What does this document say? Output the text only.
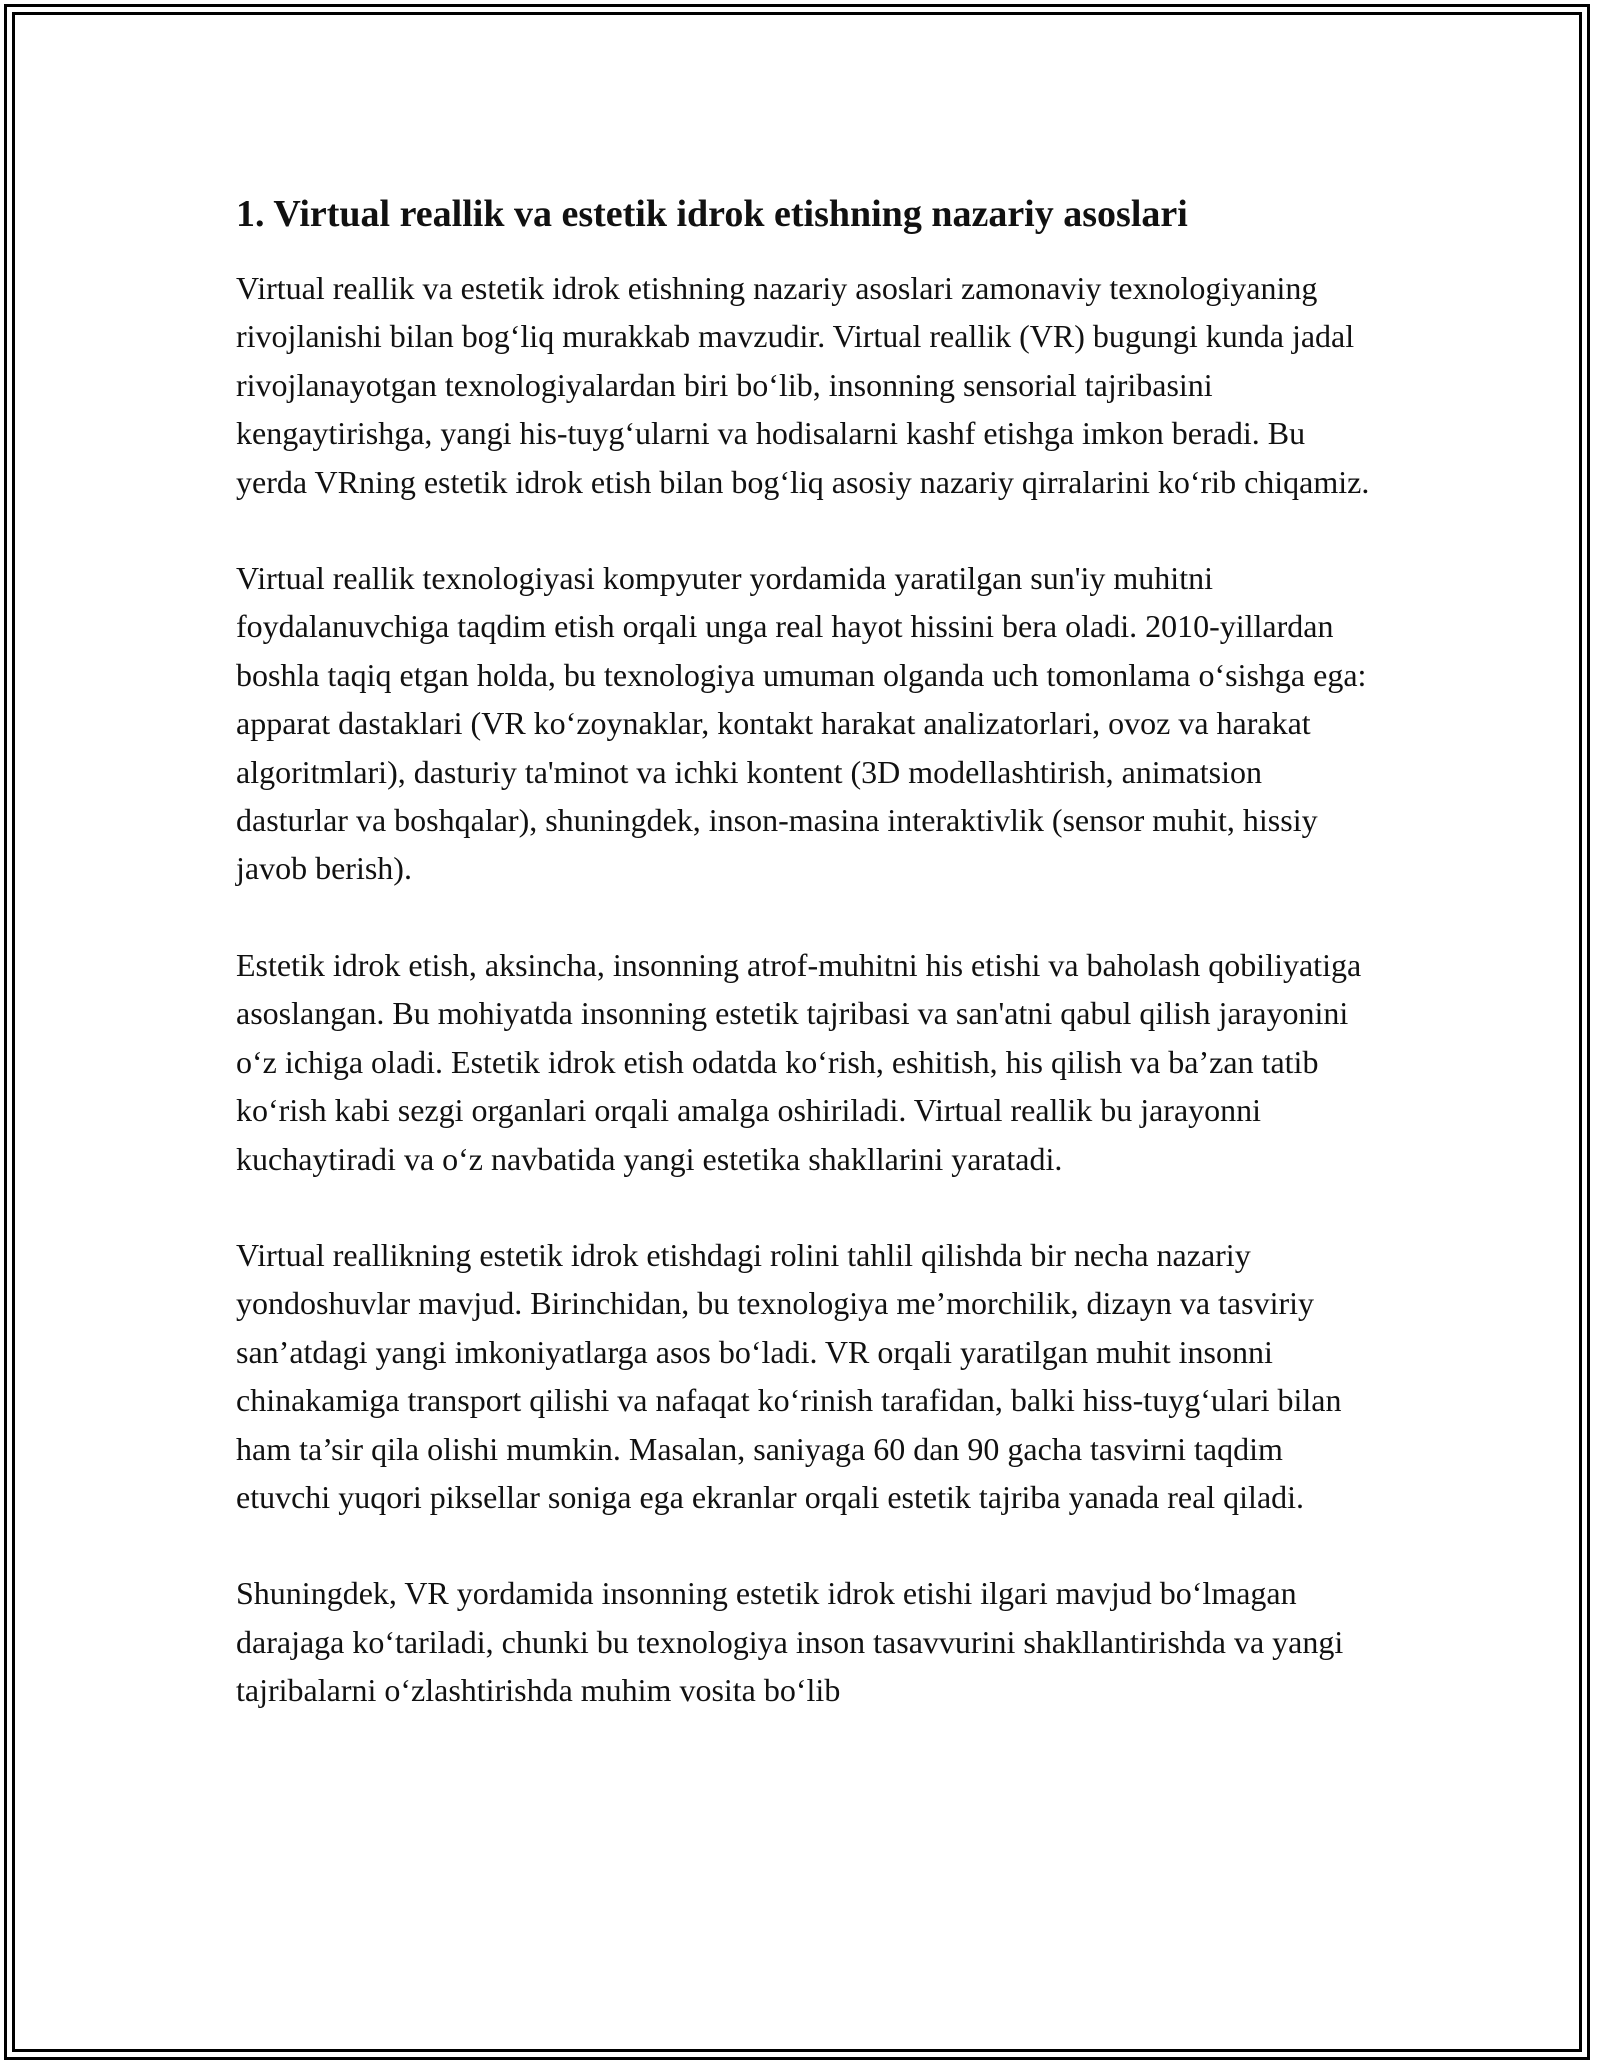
1. Virtual reallik va estetik idrok etishning nazariy asoslari

Virtual reallik va estetik idrok etishning nazariy asoslari zamonaviy texnologiyaning rivojlanishi bilan bog‘liq murakkab mavzudir. Virtual reallik (VR) bugungi kunda jadal rivojlanayotgan texnologiyalardan biri bo‘lib, insonning sensorial tajribasini kengaytirishga, yangi his-tuyg‘ularni va hodisalarni kashf etishga imkon beradi. Bu yerda VRning estetik idrok etish bilan bog‘liq asosiy nazariy qirralarini ko‘rib chiqamiz.

Virtual reallik texnologiyasi kompyuter yordamida yaratilgan sun'iy muhitni foydalanuvchiga taqdim etish orqali unga real hayot hissini bera oladi. 2010-yillardan boshla taqiq etgan holda, bu texnologiya umuman olganda uch tomonlama o‘sishga ega: apparat dastaklari (VR ko‘zoynaklar, kontakt harakat analizatorlari, ovoz va harakat algoritmlari), dasturiy ta'minot va ichki kontent (3D modellashtirish, animatsion dasturlar va boshqalar), shuningdek, inson-masina interaktivlik (sensor muhit, hissiy javob berish).

Estetik idrok etish, aksincha, insonning atrof-muhitni his etishi va baholash qobiliyatiga asoslangan. Bu mohiyatda insonning estetik tajribasi va san'atni qabul qilish jarayonini o‘z ichiga oladi. Estetik idrok etish odatda ko‘rish, eshitish, his qilish va ba’zan tatib ko‘rish kabi sezgi organlari orqali amalga oshiriladi. Virtual reallik bu jarayonni kuchaytiradi va o‘z navbatida yangi estetika shakllarini yaratadi.

Virtual reallikning estetik idrok etishdagi rolini tahlil qilishda bir necha nazariy yondoshuvlar mavjud. Birinchidan, bu texnologiya me’morchilik, dizayn va tasviriy san’atdagi yangi imkoniyatlarga asos bo‘ladi. VR orqali yaratilgan muhit insonni chinakamiga transport qilishi va nafaqat ko‘rinish tarafidan, balki hiss-tuyg‘ulari bilan ham ta’sir qila olishi mumkin. Masalan, saniyaga 60 dan 90 gacha tasvirni taqdim etuvchi yuqori piksellar soniga ega ekranlar orqali estetik tajriba yanada real qiladi.

Shuningdek, VR yordamida insonning estetik idrok etishi ilgari mavjud bo‘lmagan darajaga ko‘tariladi, chunki bu texnologiya inson tasavvurini shakllantirishda va yangi tajribalarni o‘zlashtirishda muhim vosita bo‘lib
